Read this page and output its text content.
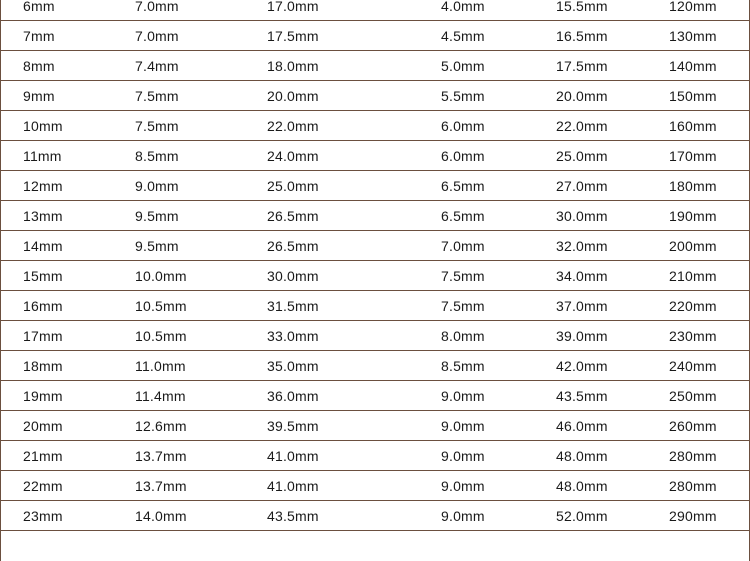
6mm	7.0mm	17.0mm	4.0mm	15.5mm	120mm
7mm	7.0mm	17.5mm	4.5mm	16.5mm	130mm
8mm	7.4mm	18.0mm	5.0mm	17.5mm	140mm
9mm	7.5mm	20.0mm	5.5mm	20.0mm	150mm
10mm	7.5mm	22.0mm	6.0mm	22.0mm	160mm
11mm	8.5mm	24.0mm	6.0mm	25.0mm	170mm
12mm	9.0mm	25.0mm	6.5mm	27.0mm	180mm
13mm	9.5mm	26.5mm	6.5mm	30.0mm	190mm
14mm	9.5mm	26.5mm	7.0mm	32.0mm	200mm
15mm	10.0mm	30.0mm	7.5mm	34.0mm	210mm
16mm	10.5mm	31.5mm	7.5mm	37.0mm	220mm
17mm	10.5mm	33.0mm	8.0mm	39.0mm	230mm
18mm	11.0mm	35.0mm	8.5mm	42.0mm	240mm
19mm	11.4mm	36.0mm	9.0mm	43.5mm	250mm
20mm	12.6mm	39.5mm	9.0mm	46.0mm	260mm
21mm	13.7mm	41.0mm	9.0mm	48.0mm	280mm
22mm	13.7mm	41.0mm	9.0mm	48.0mm	280mm
23mm	14.0mm	43.5mm	9.0mm	52.0mm	290mm
